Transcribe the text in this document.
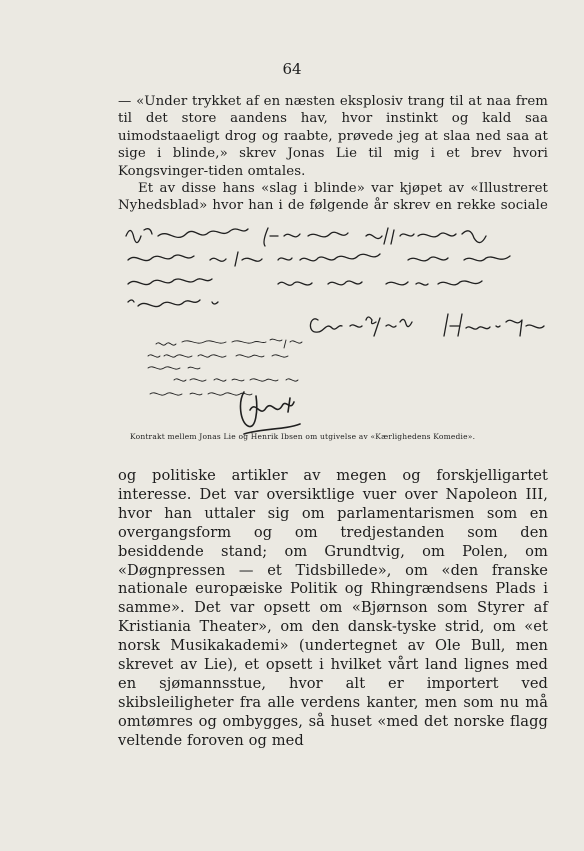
64

— «Under trykket af en næsten eksplosiv trang til at naa frem til det store aandens hav, hvor instinkt og kald saa uimodstaaeligt drog og raabte, prøvede jeg at slaa ned saa at sige i blinde,» skrev Jonas Lie til mig i et brev hvori Kongsvinger-tiden omtales.

Et av disse hans «slag i blinde» var kjøpet av «Illustreret Nyhedsblad» hvor han i de følgende år skrev en rekke sociale

Kontrakt mellem Jonas Lie og Henrik Ibsen om utgivelse av «Kærlighedens Komedie».

og politiske artikler av megen og forskjelligartet interesse. Det var oversiktlige vuer over Napoleon III, hvor han uttaler sig om parlamentarismen som en overgangsform og om tredjestanden som den besiddende stand; om Grundtvig, om Polen, om «Døgnpressen — et Tidsbillede», om «den franske nationale europæiske Politik og Rhingrændsens Plads i samme». Det var opsett om «Bjørnson som Styrer af Kristiania Theater», om den dansk-tyske strid, om «et norsk Musikakademi» (undertegnet av Ole Bull, men skrevet av Lie), et opsett i hvilket vårt land lignes med en sjømannsstue, hvor alt er importert ved skibsleiligheter fra alle verdens kanter, men som nu må omtømres og ombygges, så huset «med det norske flagg veltende foroven og med
